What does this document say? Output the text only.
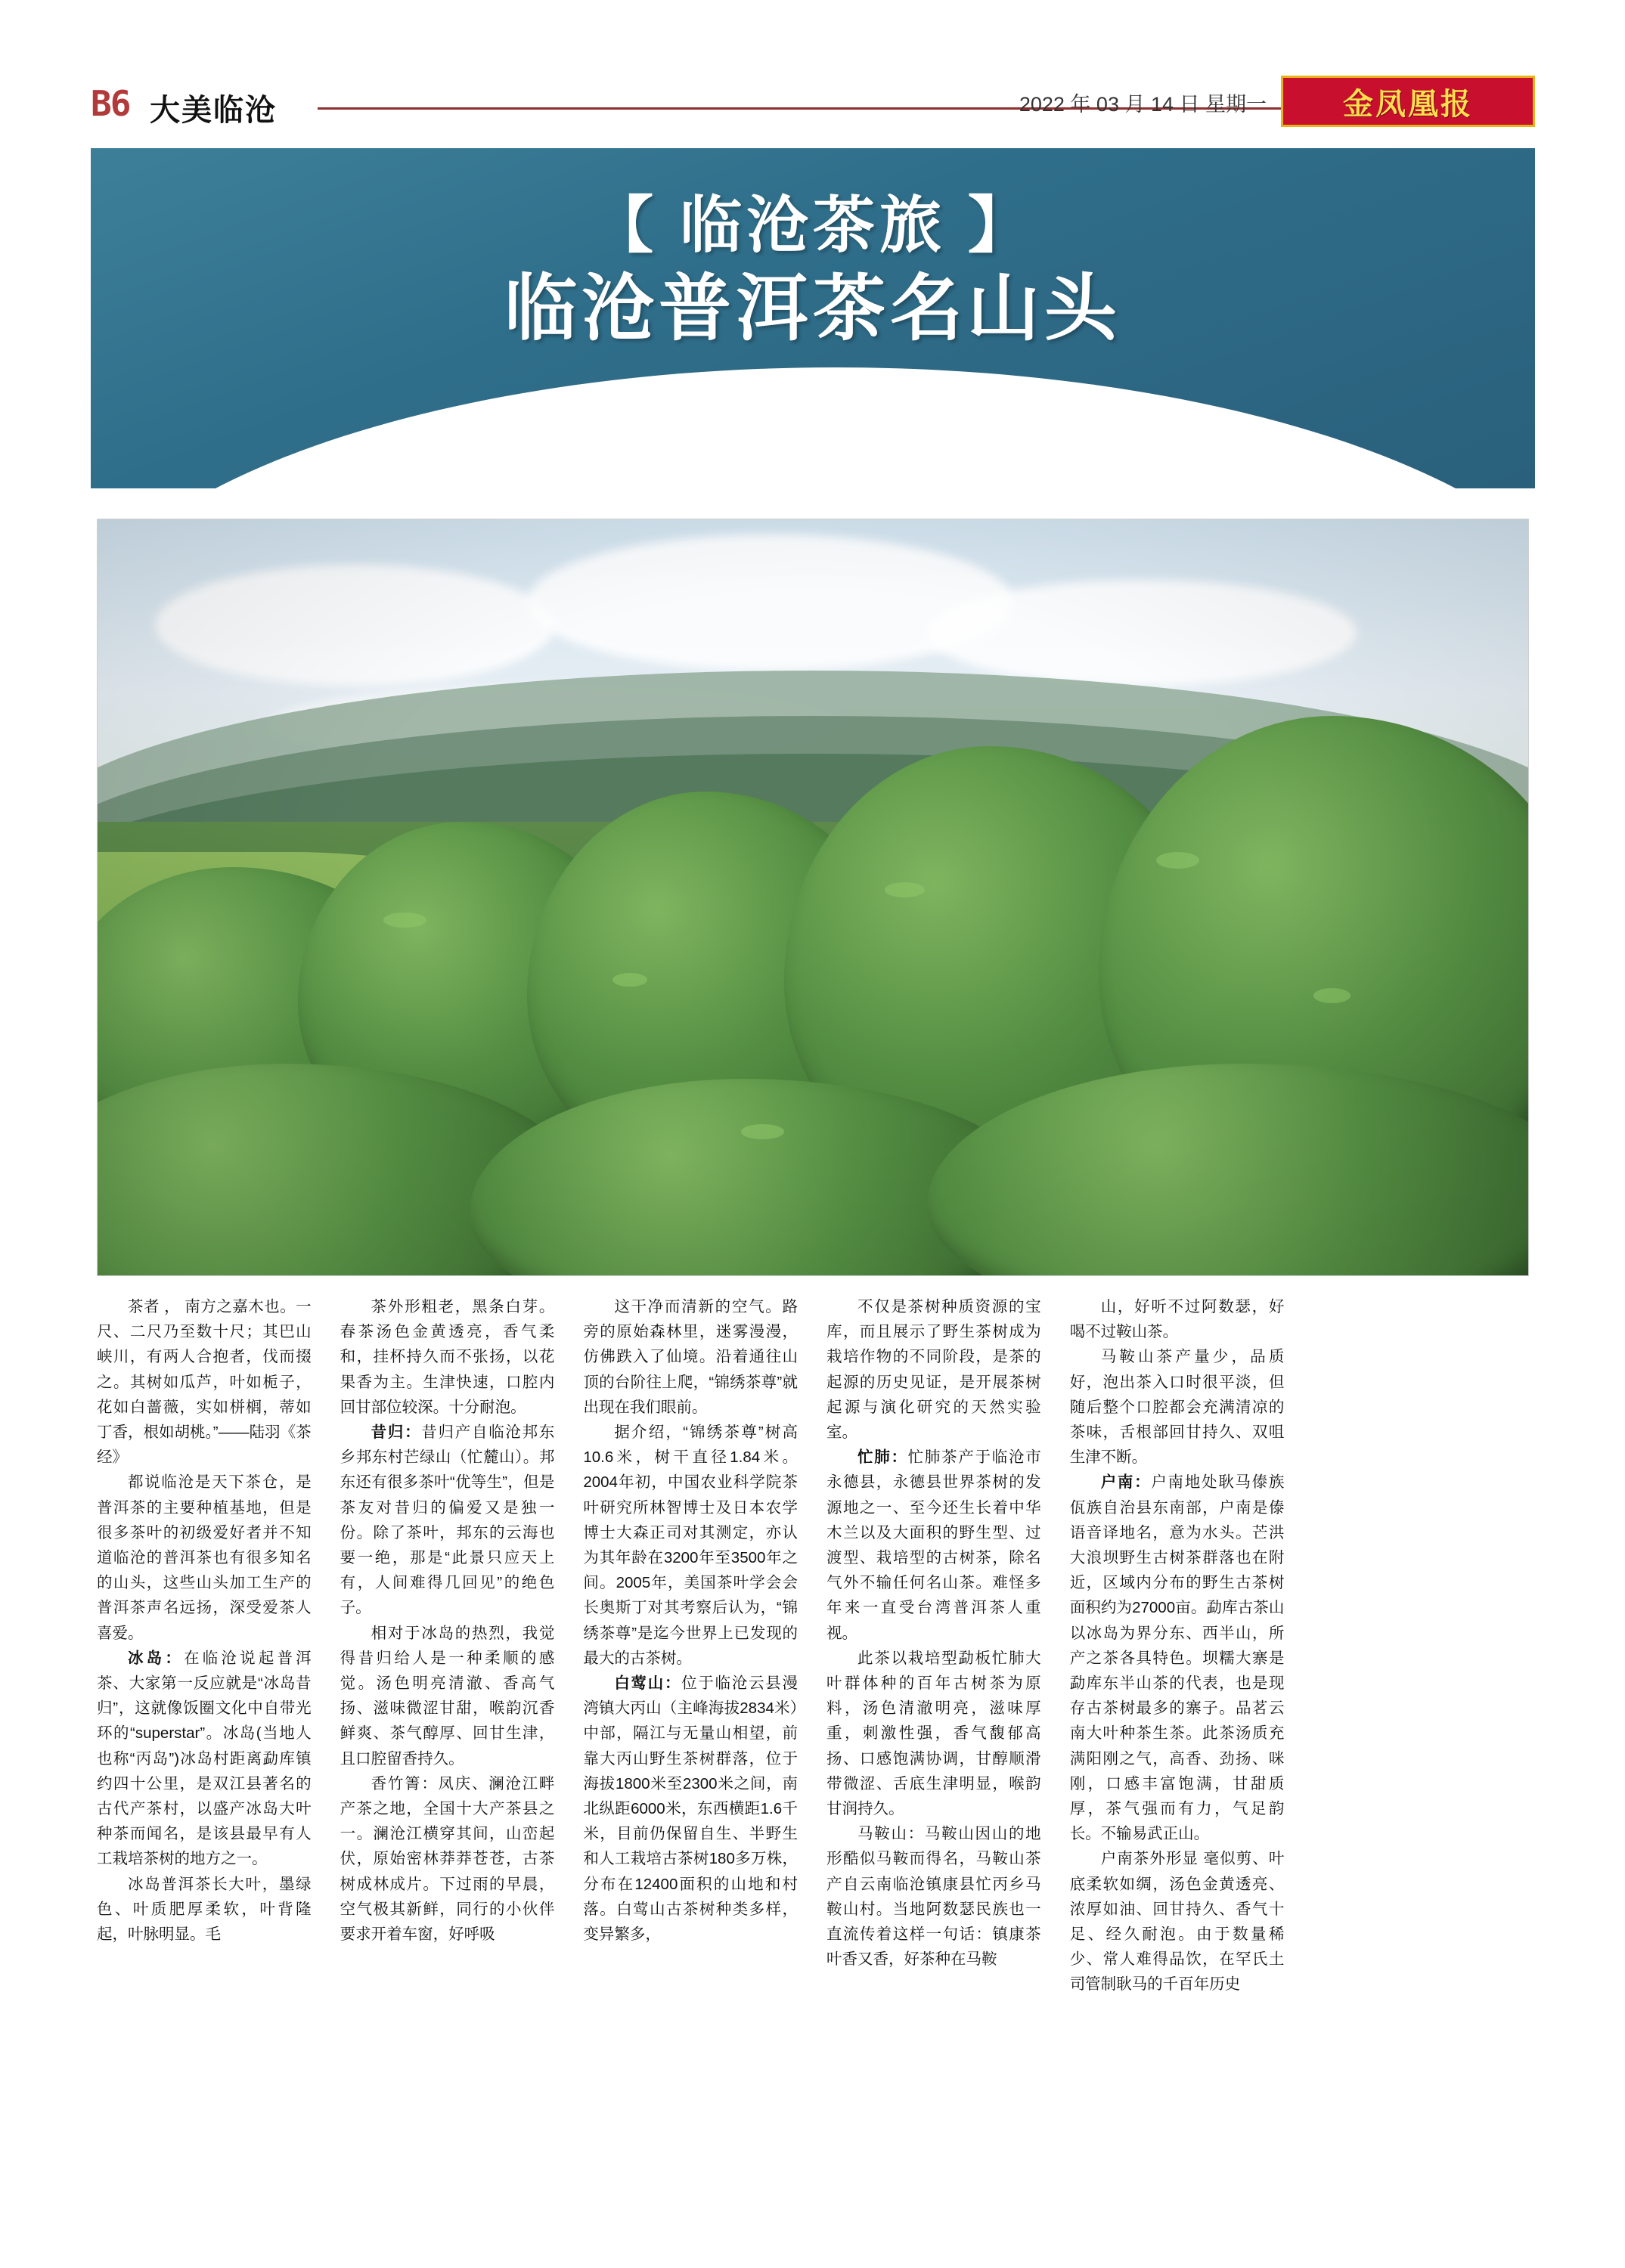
B6 大美临沧	2022 年 03 月 14 日 星期一	金凤凰报
【 临沧茶旅 】
临沧普洱茶名山头

茶者 ， 南方之嘉木也。一尺、二尺乃至数十尺；其巴山峡川，有两人合抱者，伐而掇之。其树如瓜芦，叶如栀子，花如白蔷薇，实如栟榈，蒂如丁香，根如胡桃。”——陆羽《茶经》

都说临沧是天下茶仓，是普洱茶的主要种植基地，但是很多茶叶的初级爱好者并不知道临沧的普洱茶也有很多知名的山头，这些山头加工生产的普洱茶声名远扬，深受爱茶人喜爱。

冰岛：在临沧说起普洱茶、大家第一反应就是“冰岛昔归”，这就像饭圈文化中自带光环的“superstar”。冰岛(当地人也称“丙岛”)冰岛村距离勐库镇约四十公里，是双江县著名的古代产茶村，以盛产冰岛大叶种茶而闻名，是该县最早有人工栽培茶树的地方之一。

冰岛普洱茶长大叶，墨绿色、叶质肥厚柔软，叶背隆起，叶脉明显。毛

茶外形粗老，黑条白芽。春茶汤色金黄透亮，香气柔和，挂杯持久而不张扬，以花果香为主。生津快速，口腔内回甘部位较深。十分耐泡。

昔归：昔归产自临沧邦东乡邦东村芒绿山（忙麓山）。邦东还有很多茶叶“优等生”，但是茶友对昔归的偏爱又是独一份。除了茶叶，邦东的云海也要一绝，那是“此景只应天上有，人间难得几回见”的绝色子。

相对于冰岛的热烈，我觉得昔归给人是一种柔顺的感觉。汤色明亮清澈、香高气扬、滋味微涩甘甜，喉韵沉香鲜爽、茶气醇厚、回甘生津，且口腔留香持久。

香竹箐：凤庆、澜沧江畔产茶之地，全国十大产茶县之一。澜沧江横穿其间，山峦起伏，原始密林莽莽苍苍，古茶树成林成片。下过雨的早晨，空气极其新鲜，同行的小伙伴要求开着车窗，好呼吸

这干净而清新的空气。路旁的原始森林里，迷雾漫漫，仿佛跌入了仙境。沿着通往山顶的台阶往上爬，“锦绣茶尊”就出现在我们眼前。

据介绍，“锦绣茶尊”树高10.6米，树干直径1.84米。2004年初，中国农业科学院茶叶研究所林智博士及日本农学博士大森正司对其测定，亦认为其年龄在3200年至3500年之间。2005年，美国茶叶学会会长奥斯丁对其考察后认为，“锦绣茶尊”是迄今世界上已发现的最大的古茶树。

白莺山：位于临沧云县漫湾镇大丙山（主峰海拔2834米）中部，隔江与无量山相望，前靠大丙山野生茶树群落，位于海拔1800米至2300米之间，南北纵距6000米，东西横距1.6千米，目前仍保留自生、半野生和人工栽培古茶树180多万株，分布在12400面积的山地和村落。白莺山古茶树种类多样，变异繁多，

不仅是茶树种质资源的宝库，而且展示了野生茶树成为栽培作物的不同阶段，是茶的起源的历史见证，是开展茶树起源与演化研究的天然实验室。

忙肺：忙肺茶产于临沧市永德县，永德县世界茶树的发源地之一、至今还生长着中华木兰以及大面积的野生型、过渡型、栽培型的古树茶，除名气外不输任何名山茶。难怪多年来一直受台湾普洱茶人重视。

此茶以栽培型勐板忙肺大叶群体种的百年古树茶为原料，汤色清澈明亮，滋味厚重，刺激性强，香气馥郁高扬、口感饱满协调，甘醇顺滑带微涩、舌底生津明显，喉韵甘润持久。

马鞍山：马鞍山因山的地形酷似马鞍而得名，马鞍山茶产自云南临沧镇康县忙丙乡马鞍山村。当地阿数瑟民族也一直流传着这样一句话：镇康茶叶香又香，好茶种在马鞍

山，好听不过阿数瑟，好喝不过鞍山茶。

马鞍山茶产量少，品质好，泡出茶入口时很平淡，但随后整个口腔都会充满清凉的茶味，舌根部回甘持久、双咀生津不断。

户南：户南地处耿马傣族佤族自治县东南部，户南是傣语音译地名，意为水头。芒洪大浪坝野生古树茶群落也在附近，区域内分布的野生古茶树面积约为27000亩。勐库古茶山以冰岛为界分东、西半山，所产之茶各具特色。坝糯大寨是勐库东半山茶的代表，也是现存古茶树最多的寨子。品茗云南大叶种茶生茶。此茶汤质充满阳刚之气，高香、劲扬、咪刚，口感丰富饱满，甘甜质厚，茶气强而有力，气足韵长。不输易武正山。

户南茶外形显 毫似剪、叶底柔软如绸，汤色金黄透亮、浓厚如油、回甘持久、香气十足、经久耐泡。由于数量稀少、常人难得品饮，在罕氏土司管制耿马的千百年历史
